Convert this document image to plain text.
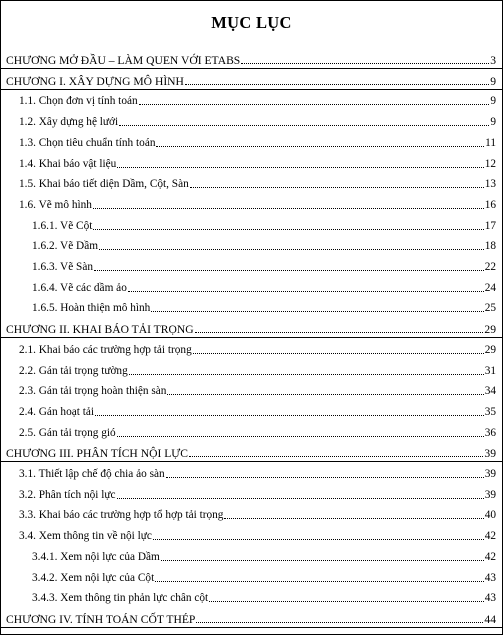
MỤC LỤC
CHƯƠNG MỞ ĐẦU – LÀM QUEN VỚI ETABS	3
CHƯƠNG I. XÂY DỰNG MÔ HÌNH	9
1.1. Chọn đơn vị tính toán	9
1.2. Xây dựng hệ lưới	9
1.3. Chọn tiêu chuẩn tính toán	11
1.4. Khai báo vật liệu	12
1.5. Khai báo tiết diện Dầm, Cột, Sàn	13
1.6. Vẽ mô hình	16
1.6.1. Vẽ Cột	17
1.6.2. Vẽ Dầm	18
1.6.3. Vẽ Sàn	22
1.6.4. Vẽ các dầm ảo	24
1.6.5. Hoàn thiện mô hình	25
CHƯƠNG II. KHAI BÁO TẢI TRỌNG	29
2.1. Khai báo các trường hợp tải trọng	29
2.2. Gán tải trọng tường	31
2.3. Gán tải trọng hoàn thiện sàn	34
2.4. Gán hoạt tải	35
2.5. Gán tải trọng gió	36
CHƯƠNG III. PHÂN TÍCH NỘI LỰC	39
3.1. Thiết lập chế độ chia ảo sàn	39
3.2. Phân tích nội lực	39
3.3. Khai báo các trường hợp tổ hợp tải trọng	40
3.4. Xem thông tin về nội lực	42
3.4.1. Xem nội lực của Dầm	42
3.4.2. Xem nội lực của Cột	43
3.4.3. Xem thông tin phản lực chân cột	43
CHƯƠNG IV. TÍNH TOÁN CỐT THÉP	44
